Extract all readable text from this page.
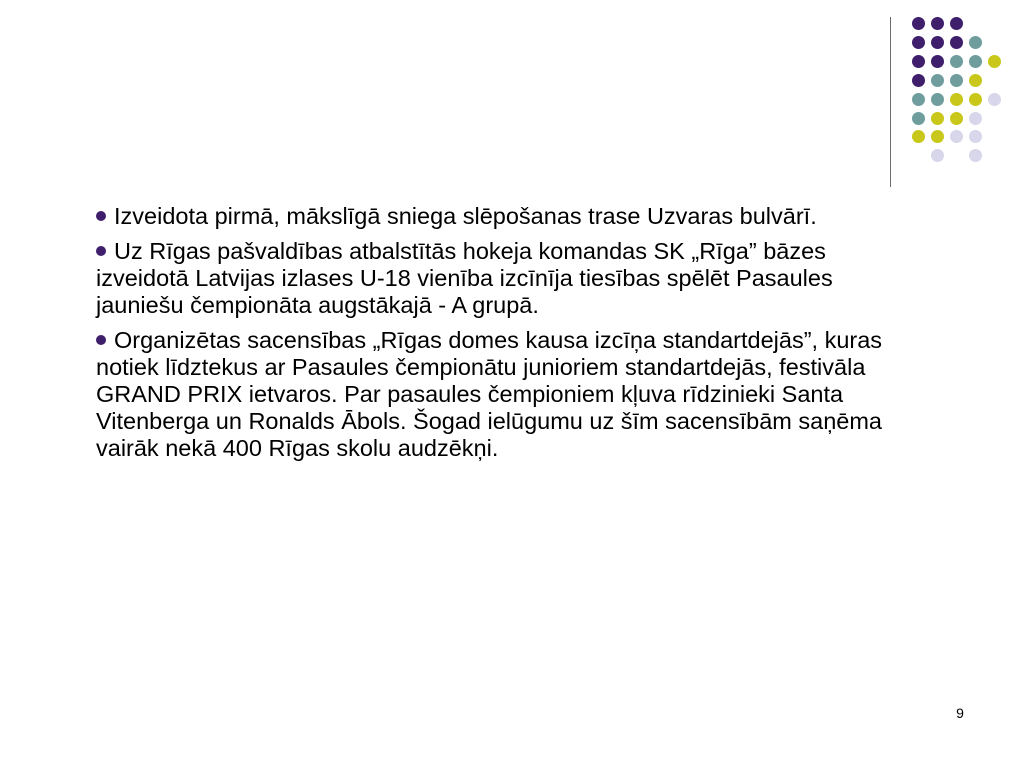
Izveidota pirmā, mākslīgā sniega slēpošanas trase Uzvaras bulvārī.

Uz Rīgas pašvaldības atbalstītās hokeja komandas SK „Rīga” bāzes izveidotā Latvijas izlases U-18 vienība izcīnīja tiesības spēlēt Pasaules jauniešu čempionāta augstākajā - A grupā.

Organizētas sacensības „Rīgas domes kausa izcīņa standartdejās”, kuras notiek līdztekus ar Pasaules čempionātu junioriem standartdejās, festivāla GRAND PRIX ietvaros. Par pasaules čempioniem kļuva rīdzinieki Santa Vitenberga un Ronalds Ābols. Šogad ielūgumu uz šīm sacensībām saņēma vairāk nekā 400 Rīgas skolu audzēkņi.

9
